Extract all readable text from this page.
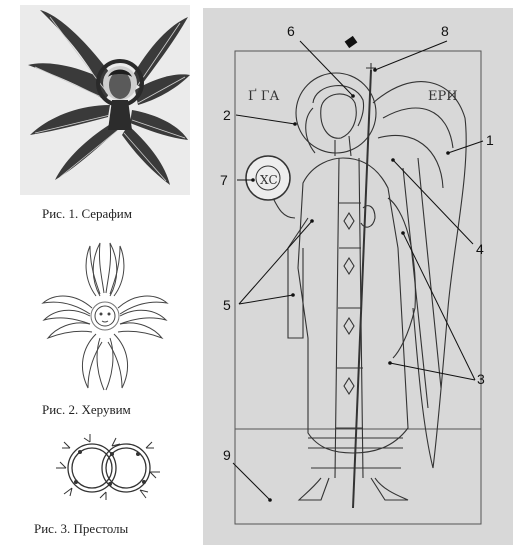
Рис. 1. Серафим
Рис. 2. Херувим
Рис. 3. Престолы
Ґ ГА	ЕРИ
ХС
1
2
3
4
5
6
7
8
9
